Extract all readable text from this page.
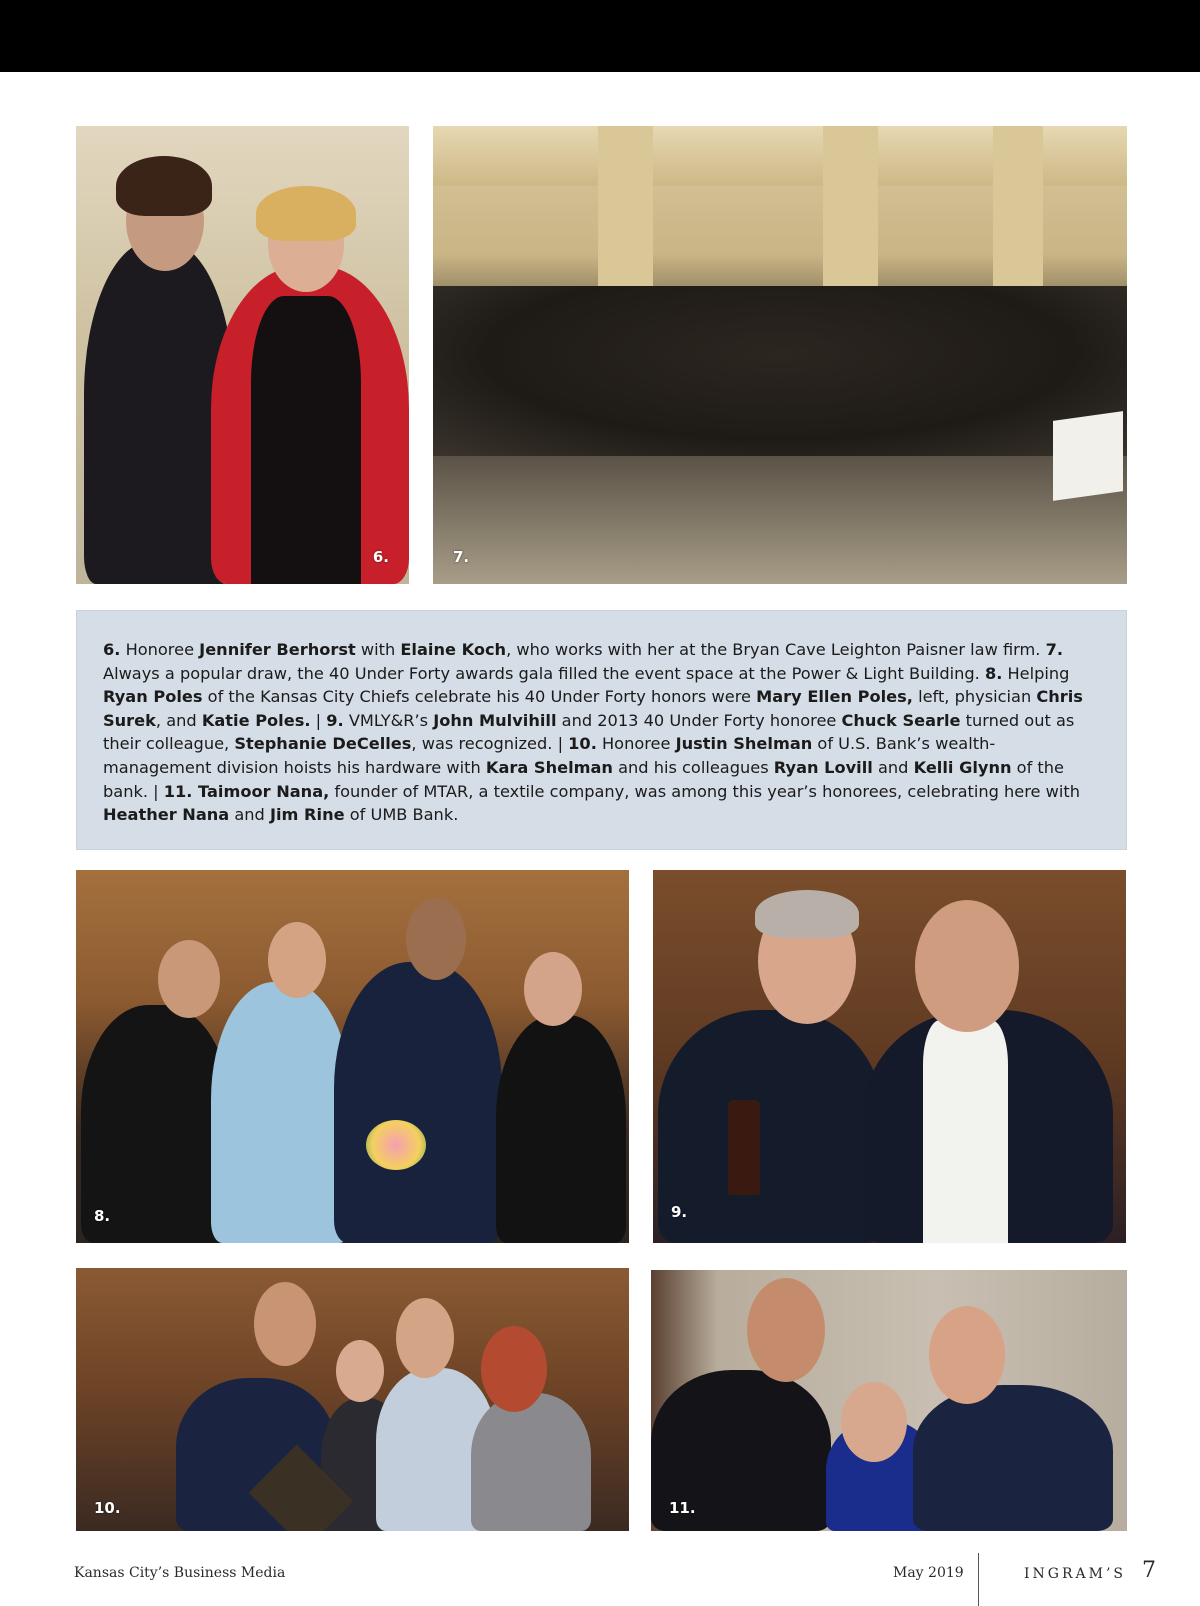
6.	7.

6. Honoree Jennifer Berhorst with Elaine Koch, who works with her at the Bryan Cave Leighton Paisner law firm. 7. Always a popular draw, the 40 Under Forty awards gala filled the event space at the Power & Light Building. 8. Helping Ryan Poles of the Kansas City Chiefs celebrate his 40 Under Forty honors were Mary Ellen Poles, left, physician Chris Surek, and Katie Poles. | 9. VMLY&R’s John Mulvihill and 2013 40 Under Forty honoree Chuck Searle turned out as their colleague, Stephanie DeCelles, was recognized. | 10. Honoree Justin Shelman of U.S. Bank’s wealth-management division hoists his hardware with Kara Shelman and his colleagues Ryan Lovill and Kelli Glynn of the bank. | 11. Taimoor Nana, founder of MTAR, a textile company, was among this year’s honorees, celebrating here with Heather Nana and Jim Rine of UMB Bank.

8.	9.
10.	11.
Kansas City’s Business Media	May 2019	INGRAM’S 7
